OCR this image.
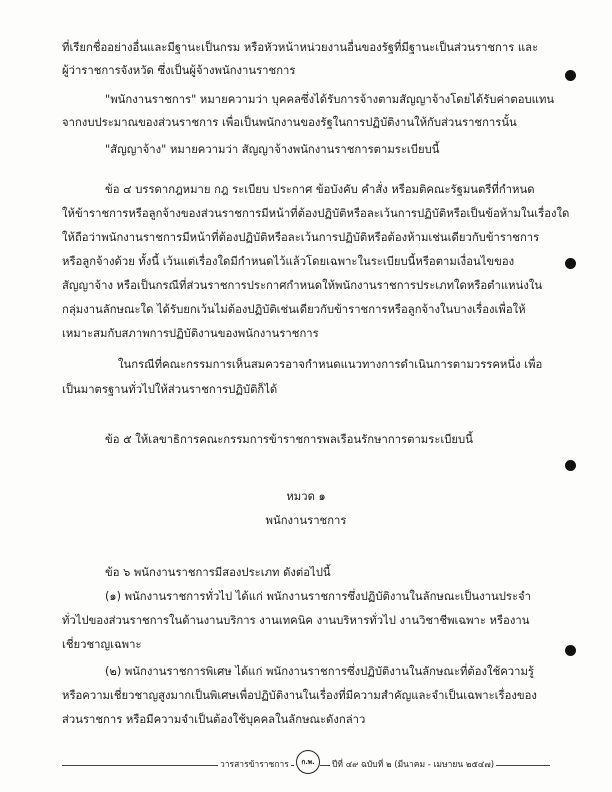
ที่เรียกชื่ออย่างอื่นและมีฐานะเป็นกรม หรือหัวหน้าหน่วยงานอื่นของรัฐที่มีฐานะเป็นส่วนราชการ และ
ผู้ว่าราชการจังหวัด ซึ่งเป็นผู้จ้างพนักงานราชการ
"พนักงานราชการ" หมายความว่า บุคคลซึ่งได้รับการจ้างตามสัญญาจ้างโดยได้รับค่าตอบแทน
จากงบประมาณของส่วนราชการ เพื่อเป็นพนักงานของรัฐในการปฏิบัติงานให้กับส่วนราชการนั้น
"สัญญาจ้าง" หมายความว่า สัญญาจ้างพนักงานราชการตามระเบียบนี้
ข้อ ๔ บรรดากฎหมาย กฎ ระเบียบ ประกาศ ข้อบังคับ คำสั่ง หรือมติคณะรัฐมนตรีที่กำหนด
ให้ข้าราชการหรือลูกจ้างของส่วนราชการมีหน้าที่ต้องปฏิบัติหรือละเว้นการปฏิบัติหรือเป็นข้อห้ามในเรื่องใด
ให้ถือว่าพนักงานราชการมีหน้าที่ต้องปฏิบัติหรือละเว้นการปฏิบัติหรือต้องห้ามเช่นเดียวกับข้าราชการ
หรือลูกจ้างด้วย ทั้งนี้ เว้นแต่เรื่องใดมีกำหนดไว้แล้วโดยเฉพาะในระเบียบนี้หรือตามเงื่อนไขของ
สัญญาจ้าง หรือเป็นกรณีที่ส่วนราชการประกาศกำหนดให้พนักงานราชการประเภทใดหรือตำแหน่งใน
กลุ่มงานลักษณะใด ได้รับยกเว้นไม่ต้องปฏิบัติเช่นเดียวกับข้าราชการหรือลูกจ้างในบางเรื่องเพื่อให้
เหมาะสมกับสภาพการปฏิบัติงานของพนักงานราชการ
ในกรณีที่คณะกรรมการเห็นสมควรอาจกำหนดแนวทางการดำเนินการตามวรรคหนึ่ง เพื่อ
เป็นมาตรฐานทั่วไปให้ส่วนราชการปฏิบัติก็ได้
ข้อ ๕ ให้เลขาธิการคณะกรรมการข้าราชการพลเรือนรักษาการตามระเบียบนี้
หมวด ๑
พนักงานราชการ
ข้อ ๖ พนักงานราชการมีสองประเภท ดังต่อไปนี้
(๑) พนักงานราชการทั่วไป ได้แก่ พนักงานราชการซึ่งปฏิบัติงานในลักษณะเป็นงานประจำ
ทั่วไปของส่วนราชการในด้านงานบริการ งานเทคนิค งานบริหารทั่วไป งานวิชาชีพเฉพาะ หรืองาน
เชี่ยวชาญเฉพาะ
(๒) พนักงานราชการพิเศษ ได้แก่ พนักงานราชการซึ่งปฏิบัติงานในลักษณะที่ต้องใช้ความรู้
หรือความเชี่ยวชาญสูงมากเป็นพิเศษเพื่อปฏิบัติงานในเรื่องที่มีความสำคัญและจำเป็นเฉพาะเรื่องของ
ส่วนราชการ หรือมีความจำเป็นต้องใช้บุคคลในลักษณะดังกล่าว
วารสารข้าราชการ	ก.พ. ปีที่ ๔๙ ฉบับที่ ๒ (มีนาคม - เมษายน ๒๕๔๗)
